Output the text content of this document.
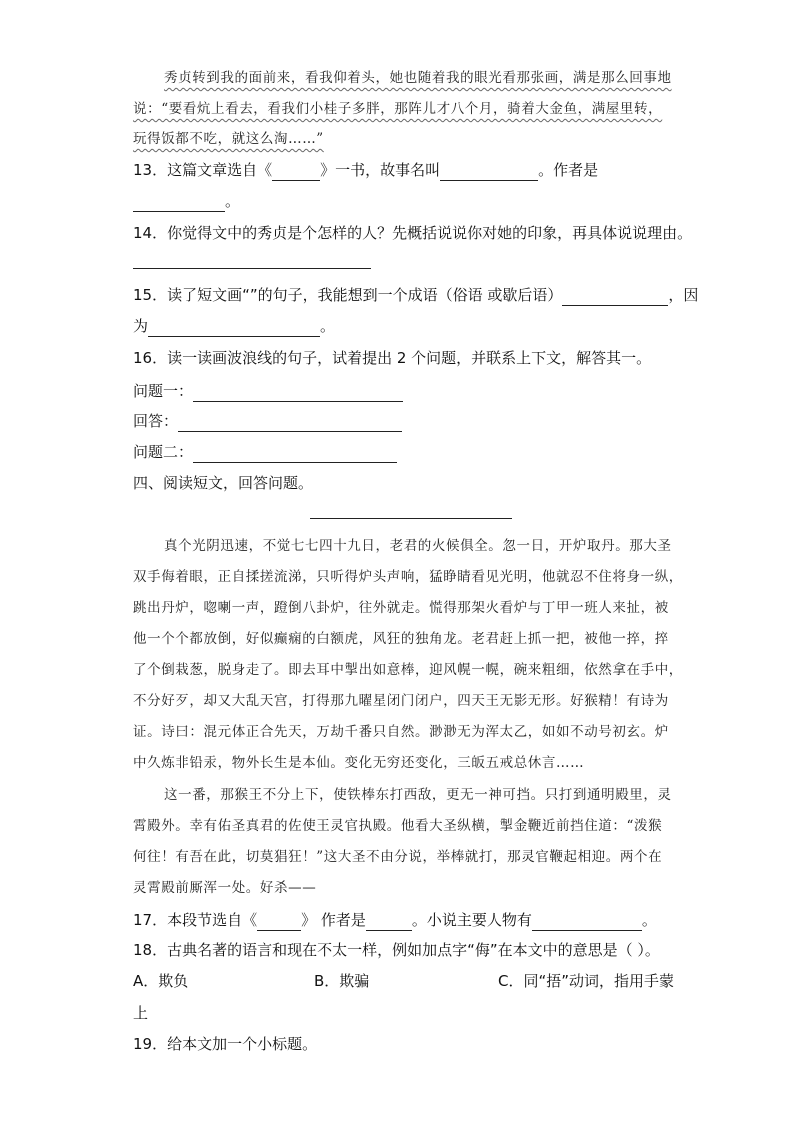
秀贞转到我的面前来，看我仰着头，她也随着我的眼光看那张画，满是那么回事地
说：“要看炕上看去，看我们小桂子多胖，那阵儿才八个月，骑着大金鱼，满屋里转，
玩得饭都不吃，就这么淘……”
13．这篇文章选自《	》一书，故事名叫	。作者是
。
14．你觉得文中的秀贞是个怎样的人？先概括说说你对她的印象，再具体说说理由。
15．读了短文画“”的句子，我能想到一个成语（俗语 或歇后语）	，因
为	。
16．读一读画波浪线的句子，试着提出 2 个问题，并联系上下文，解答其一。
问题一：
回答：
问题二：
四、阅读短文，回答问题。
真个光阴迅速，不觉七七四十九日，老君的火候俱全。忽一日，开炉取丹。那大圣
双手侮着眼，正自揉搓流涕，只听得炉头声响，猛睁睛看见光明，他就忍不住将身一纵，
跳出丹炉，唿喇一声，蹬倒八卦炉，往外就走。慌得那架火看炉与丁甲一班人来扯，被
他一个个都放倒，好似癫痫的白额虎，风狂的独角龙。老君赶上抓一把，被他一捽，捽
了个倒栽葱，脱身走了。即去耳中掣出如意棒，迎风幌一幌，碗来粗细，依然拿在手中，
不分好歹，却又大乱天宫，打得那九曜星闭门闭户，四天王无影无形。好猴精！有诗为
证。诗曰：混元体正合先天，万劫千番只自然。渺渺无为浑太乙，如如不动号初玄。炉
中久炼非铅汞，物外长生是本仙。变化无穷还变化，三皈五戒总休言……
这一番，那猴王不分上下，使铁棒东打西敌，更无一神可挡。只打到通明殿里，灵
霄殿外。幸有佑圣真君的佐使王灵官执殿。他看大圣纵横，掣金鞭近前挡住道：“泼猴
何往！有吾在此，切莫猖狂！”这大圣不由分说，举棒就打，那灵官鞭起相迎。两个在
灵霄殿前厮浑一处。好杀——
17．本段节选自《	》 作者是	。小说主要人物有	。
18．古典名著的语言和现在不太一样，例如加点字“侮”在本文中的意思是（ ）。
A．欺负	B．欺骗	C．同“捂”动词，指用手蒙
上
19．给本文加一个小标题。
